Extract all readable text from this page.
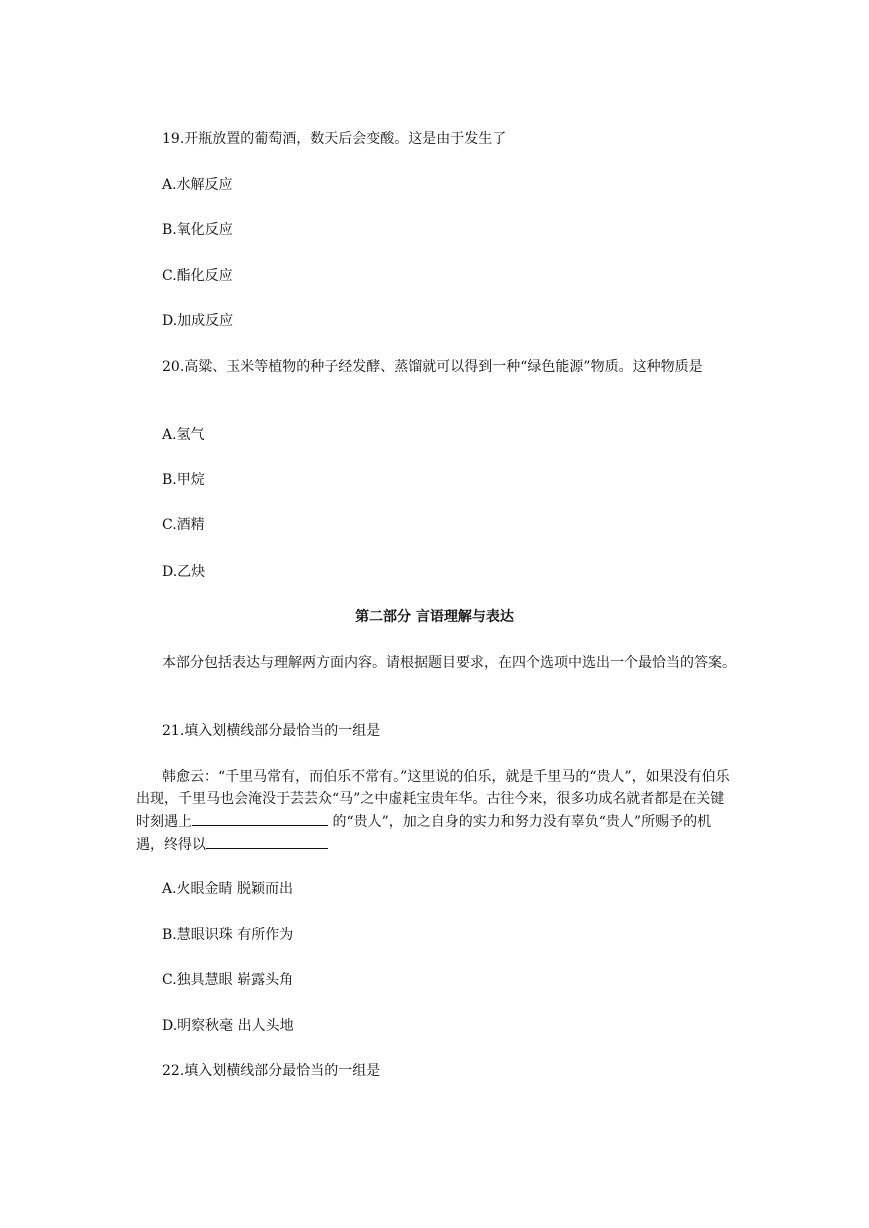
19.开瓶放置的葡萄酒，数天后会变酸。这是由于发生了

A.水解反应

B.氧化反应

C.酯化反应

D.加成反应

20.高粱、玉米等植物的种子经发酵、蒸馏就可以得到一种“绿色能源”物质。这种物质是

A.氢气

B.甲烷

C.酒精

D.乙炔

第二部分 言语理解与表达

本部分包括表达与理解两方面内容。请根据题目要求，在四个选项中选出一个最恰当的答案。

21.填入划横线部分最恰当的一组是

韩愈云：“千里马常有，而伯乐不常有。”这里说的伯乐，就是千里马的“贵人”，如果没有伯乐出现，千里马也会淹没于芸芸众“马”之中虚耗宝贵年华。古往今来，很多功成名就者都是在关键时刻遇上	的“贵人”，加之自身的实力和努力没有辜负“贵人”所赐予的机遇，终得以

A.火眼金睛 脱颖而出

B.慧眼识珠 有所作为

C.独具慧眼 崭露头角

D.明察秋毫 出人头地

22.填入划横线部分最恰当的一组是
